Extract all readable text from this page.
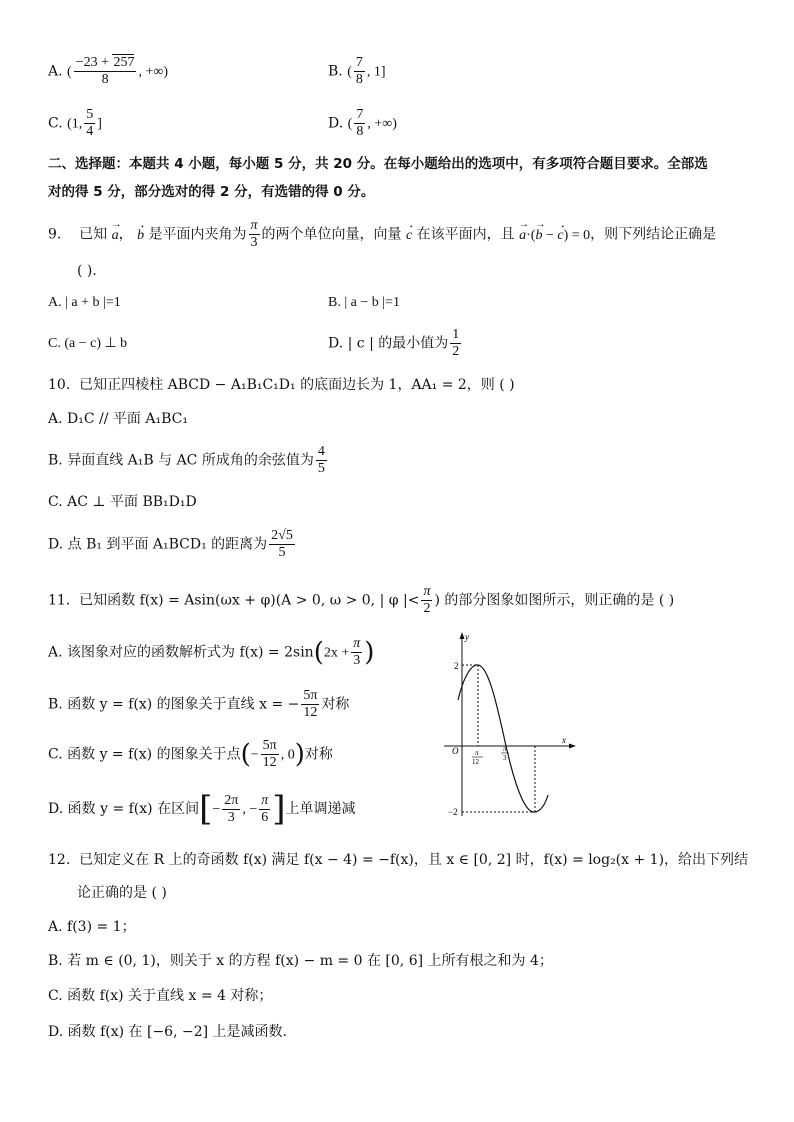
A. ( $\frac{-23 + 257}{8}$ , +∞)	B. ( $\frac{7}{8}$ , 1]
C. (1, $\frac{5}{4}$ ]	D. ( $\frac{7}{8}$ , +∞)
二、选择题：本题共 4 小题，每小题 5 分，共 20 分。在每小题给出的选项中，有多项符合题目要求。全部选
对的得 5 分，部分选对的得 2 分，有选错的得 0 分。
9. 已知 → a， • b 是平面内夹角为 $\frac{\pi}{3}$ 的两个单位向量，向量 • c 在该平面内，且 → a·(→ b − • c) = 0，则下列结论正确是
( ).
A. | a + b |=1	B. | a − b |=1
C. (a − c) ⊥ b	D. | c | 的最小值为 $\frac{1}{2}$
10. 已知正四棱柱 ABCD − A₁B₁C₁D₁ 的底面边长为 1，AA₁ = 2，则 ( )
A. D₁C // 平面 A₁BC₁
B. 异面直线 A₁B 与 AC 所成角的余弦值为 $\frac{4}{5}$
C. AC ⊥ 平面 BB₁D₁D
D. 点 B₁ 到平面 A₁BCD₁ 的距离为 $\frac{2√5}{5}$
11. 已知函数 f(x) = Asin(ωx + φ)(A > 0, ω > 0, | φ |< $\frac{\pi}{2}$ ) 的部分图象如图所示，则正确的是 ( )
A. 该图象对应的函数解析式为 $f(x) = 2\sin(2x + \frac{\pi}{3}$ )
B. 函数 y = f(x) 的图象关于直线 x = − $\frac{5\pi}{12}$ 对称
C. 函数 y = f(x) 的图象关于点(− $\frac{5\pi}{12}$ , 0)对称
D. 函数 y = f(x) 在区间[− $\frac{2\pi}{3}$ , − $\frac{\pi}{6}$ ]上单调递减
y
x
O
2
−2
π
12
π
3
12. 已知定义在 R 上的奇函数 f(x) 满足 f(x − 4) = −f(x)，且 x ∈ [0, 2] 时，f(x) = log₂(x + 1)，给出下列结
论正确的是 ( )
A. f(3) = 1；
B. 若 m ∈ (0, 1)，则关于 x 的方程 f(x) − m = 0 在 [0, 6] 上所有根之和为 4；
C. 函数 f(x) 关于直线 x = 4 对称；
D. 函数 f(x) 在 [−6, −2] 上是减函数.
